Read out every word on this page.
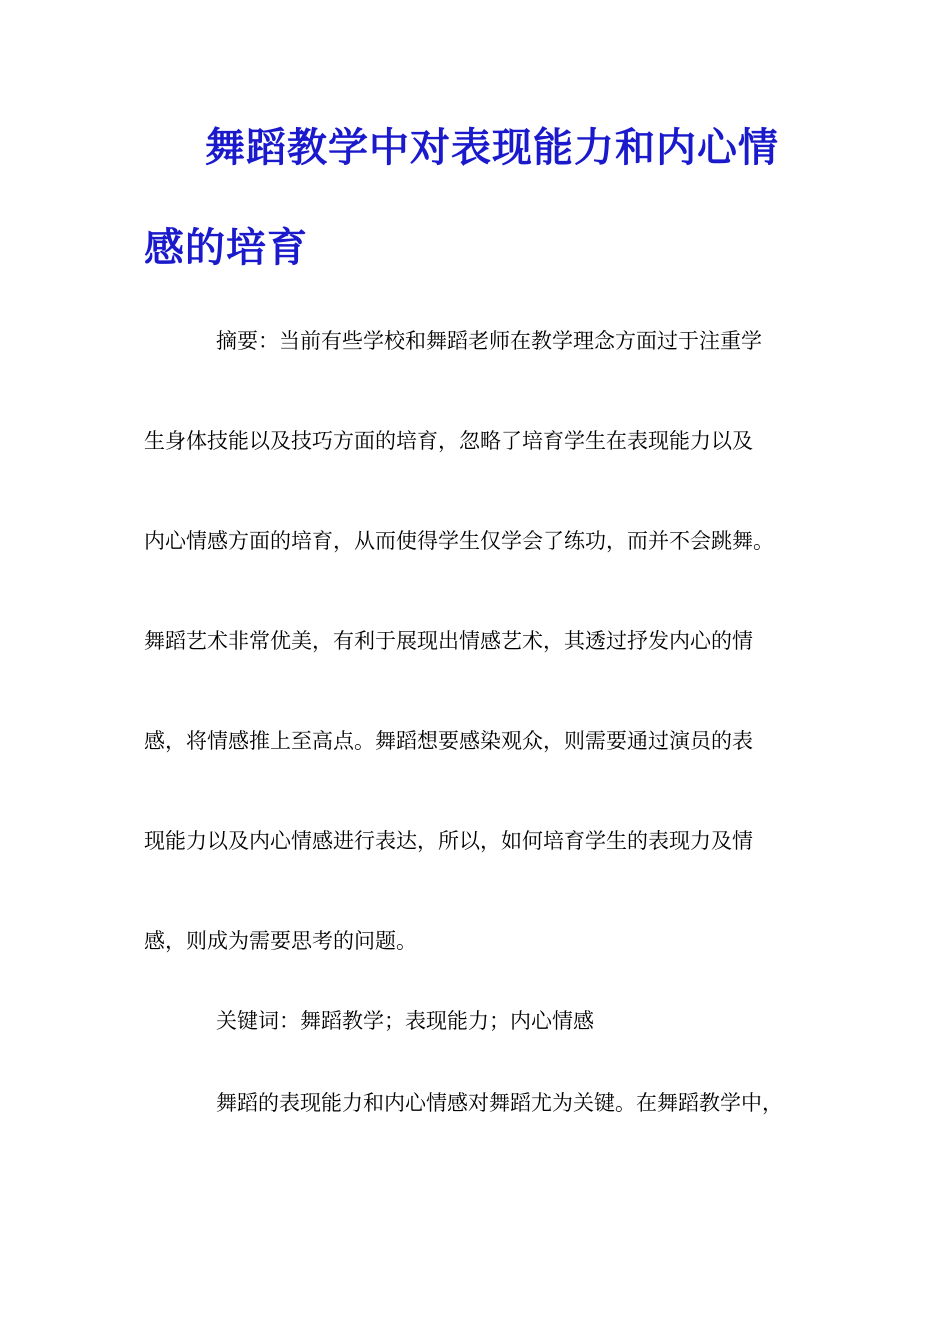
舞蹈教学中对表现能力和内心情
感的培育
摘要：当前有些学校和舞蹈老师在教学理念方面过于注重学
生身体技能以及技巧方面的培育，忽略了培育学生在表现能力以及
内心情感方面的培育，从而使得学生仅学会了练功，而并不会跳舞。
舞蹈艺术非常优美，有利于展现出情感艺术，其透过抒发内心的情
感，将情感推上至高点。舞蹈想要感染观众，则需要通过演员的表
现能力以及内心情感进行表达，所以，如何培育学生的表现力及情
感，则成为需要思考的问题。
关键词：舞蹈教学；表现能力；内心情感
舞蹈的表现能力和内心情感对舞蹈尤为关键。在舞蹈教学中，
